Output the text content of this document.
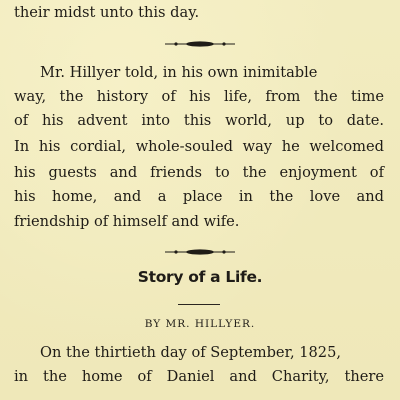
their midst unto this day.
Mr. Hillyer told, in his own inimitable
way, the history of his life, from the time
of his advent into this world, up to date.
In his cordial, whole-souled way he welcomed
his guests and friends to the enjoyment of
his home, and a place in the love and
friendship of himself and wife.
Story of a Life.
BY MR. HILLYER.
On the thirtieth day of September, 1825,
in the home of Daniel and Charity, there
